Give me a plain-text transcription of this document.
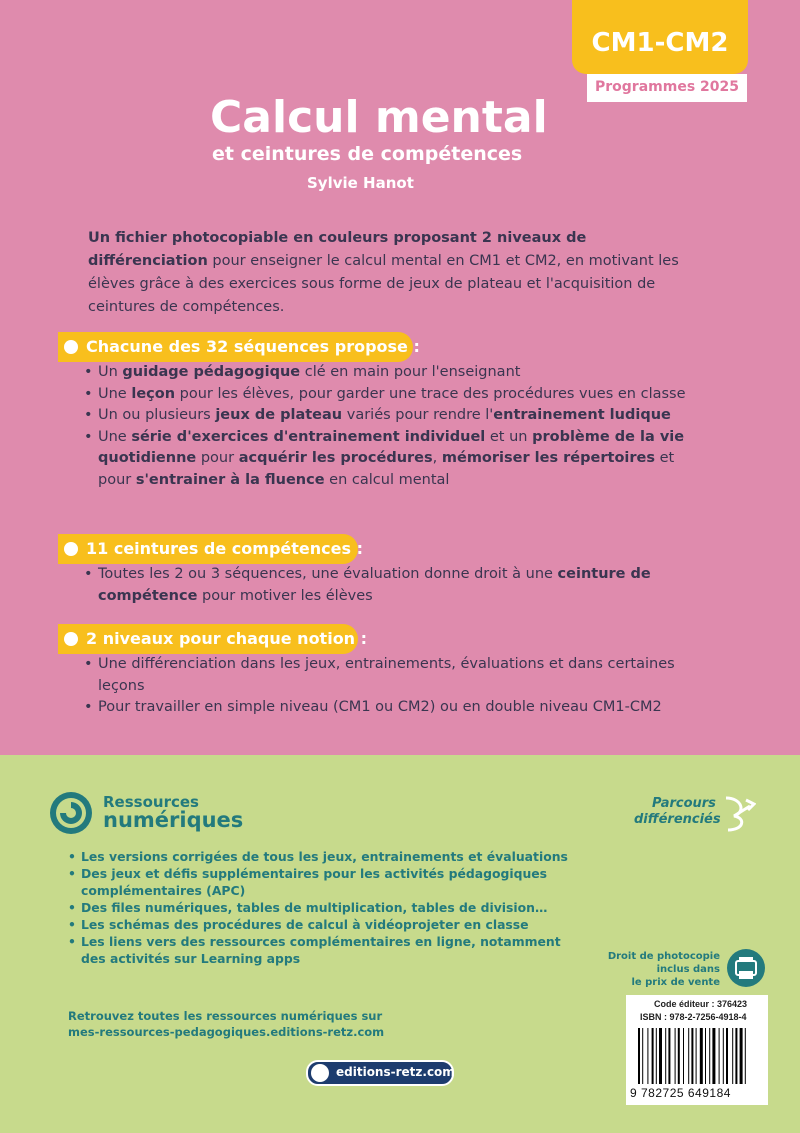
CM1-CM2
Programmes 2025
Calcul mental
et ceintures de compétences
Sylvie Hanot
Un fichier photocopiable en couleurs proposant 2 niveaux de différenciation pour enseigner le calcul mental en CM1 et CM2, en motivant les élèves grâce à des exercices sous forme de jeux de plateau et l'acquisition de ceintures de compétences.
Chacune des 32 séquences propose :
• Un guidage pédagogique clé en main pour l'enseignant
• Une leçon pour les élèves, pour garder une trace des procédures vues en classe
• Un ou plusieurs jeux de plateau variés pour rendre l'entrainement ludique
• Une série d'exercices d'entrainement individuel et un problème de la vie quotidienne pour acquérir les procédures, mémoriser les répertoires et pour s'entrainer à la fluence en calcul mental
11 ceintures de compétences :
• Toutes les 2 ou 3 séquences, une évaluation donne droit à une ceinture de compétence pour motiver les élèves
2 niveaux pour chaque notion :
• Une différenciation dans les jeux, entrainements, évaluations et dans certaines leçons
• Pour travailler en simple niveau (CM1 ou CM2) ou en double niveau CM1-CM2
Ressources
numériques
Parcours
différenciés
• Les versions corrigées de tous les jeux, entrainements et évaluations
• Des jeux et défis supplémentaires pour les activités pédagogiques complémentaires (APC)
• Des files numériques, tables de multiplication, tables de division…
• Les schémas des procédures de calcul à vidéoprojeter en classe
• Les liens vers des ressources complémentaires en ligne, notamment des activités sur Learning apps	Droit de photocopie
inclus dans
le prix de vente
Retrouvez toutes les ressources numériques sur
mes-ressources-pedagogiques.editions-retz.com
editions-retz.com
Code éditeur : 376423
ISBN : 978-2-7256-4918-4
9 782725 649184
